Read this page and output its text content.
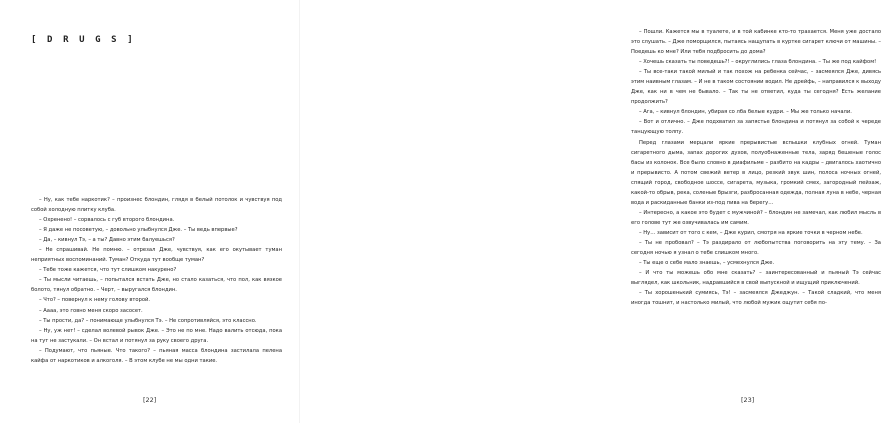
[ D R U G S ]

– Ну, как тебе наркотик? – произнес блондин, глядя в белый потолок и чувствуя под собой холодную плитку клуба.

– Охренено! – сорвалось с губ второго блондина.

– Я даже не посоветую, – довольно улыбнулся Дже. – Ты ведь впервые?

– Да, – кивнул Тэ, – а ты? Давно этим балуешься?

– Не спрашивай. Не помню. – отрезал Дже, чувствуя, как его окутывает туман неприятных воспоминаний. Туман? Откуда тут вообще туман?

– Тебе тоже кажется, что тут слишком накурено?

– Ты мысли читаешь, – попытался встать Дже, но стало казаться, что пол, как вязкое болото, тянул обратно. – Черт, – выругался блондин.

– Что? – повернул к нему голову второй.

– Аааа, это говно меня скоро засосет.

– Ты прости, да? – понимающе улыбнулся Тэ. – Не сопротивляйся, это классно.

– Ну, уж нет! – сделал волевой рывок Дже. – Это не по мне. Надо валить отсюда, пока на тут не застукали. – Он встал и потянул за руку своего друга.

– Подумают, что пьяные. Что такого? – пьяная масса блондина застилала пелена кайфа от наркотиков и алкоголя. – В этом клубе не мы одни такие.

[22]

– Пошли. Кажется мы в туалете, и в той кабинке кто-то трахается. Меня уже достало это слушать. – Дже поморщился, пытаясь нащупать в куртке сигарет ключи от машины. – Поедешь ко мне? Или тебя подбросить до дома?

– Хочешь сказать ты поведешь?! – округлились глаза блондина. – Ты же под кайфом!

– Ты все-таки такой милый и так похож на ребенка сейчас, – засмеялся Дже, дивясь этим наивным глазам. – И не в таком состоянии водил. Не дрейфь, – направился к выходу Дже, как ни в чем не бывало. – Так ты не ответил, куда ты сегодня? Есть желание продолжить?

– Ага, – кивнул блондин, убирая со лба белые кудри. – Мы же только начали.

– Вот и отлично. – Дже подхватил за запястье блондина и потянул за собой к череде танцующую толпу.

Перед глазами мерцали яркие прерывистые вспышки клубных огней. Туман сигаретного дыма, запах дорогих духов, полуобнаженные тела, заряд бешеные голос басы из колонок. Все было словно в диафильме – разбито на кадры – двигалось хаотично и прерывисто. А потом свежий ветер в лицо, резкий звук шин, полоса ночных огней, спящий город, свободное шоссе, сигарета, музыка, громкий смех, загородный пейзаж, какой-то обрыв, река, соленые брызги, разбросанная одежда, полная луна в небе, черная вода и раскиданные банки из-под пива на берегу…

– Интересно, а какое это будет с мужчиной? – блондин не замечал, как любил мысль в его голове тут же озвучивалась им самим.

– Ну… зависит от того с кем, – Дже курил, смотря на яркие точки в черном небе.

– Ты не пробовал? – Тэ раздирало от любопытства поговорить на эту тему. – За сегодня ночью я узнал о тебе слишком много.

– Ты еще о себе мало знаешь, – усмехнулся Дже.

– И что ты можешь обо мне сказать? – заинтересованный и пьяный Тэ сейчас выглядел, как школьник, надравшийся в свой выпускной и ищущий приключений.

– Ты хорошенький сумиясь, Тэ! – засмеялся Джеджун. – Такой сладкий, что меня иногда тошнит, и настолько милый, что любой мужик ощутит себя по-

[23]
